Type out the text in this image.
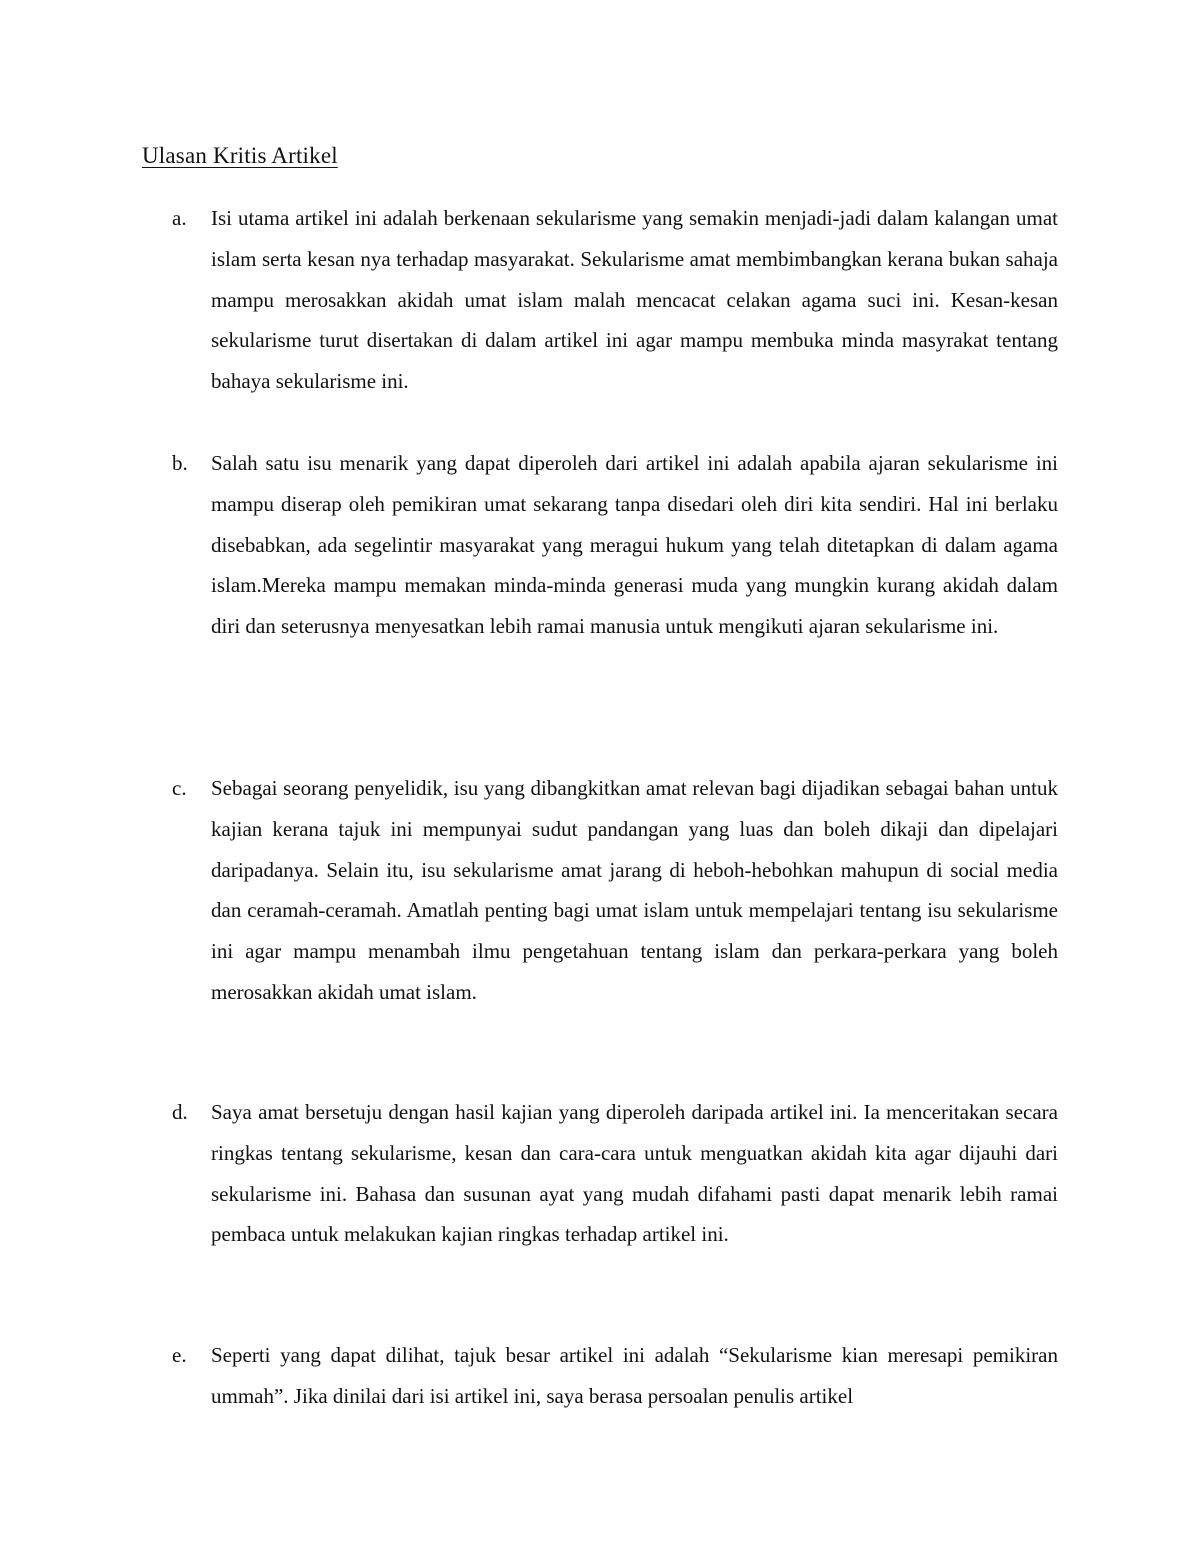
Ulasan Kritis Artikel
a.	Isi utama artikel ini adalah berkenaan sekularisme yang semakin menjadi-jadi dalam kalangan umat islam serta kesan nya terhadap masyarakat. Sekularisme amat membimbangkan kerana bukan sahaja mampu merosakkan akidah umat islam malah mencacat celakan agama suci ini. Kesan-kesan sekularisme turut disertakan di dalam artikel ini agar mampu membuka minda masyrakat tentang bahaya sekularisme ini.
b.	Salah satu isu menarik yang dapat diperoleh dari artikel ini adalah apabila ajaran sekularisme ini mampu diserap oleh pemikiran umat sekarang tanpa disedari oleh diri kita sendiri. Hal ini berlaku disebabkan, ada segelintir masyarakat yang meragui hukum yang telah ditetapkan di dalam agama islam.Mereka mampu memakan minda-minda generasi muda yang mungkin kurang akidah dalam diri dan seterusnya menyesatkan lebih ramai manusia untuk mengikuti ajaran sekularisme ini.
c.	Sebagai seorang penyelidik, isu yang dibangkitkan amat relevan bagi dijadikan sebagai bahan untuk kajian kerana tajuk ini mempunyai sudut pandangan yang luas dan boleh dikaji dan dipelajari daripadanya. Selain itu, isu sekularisme amat jarang di heboh-hebohkan mahupun di social media dan ceramah-ceramah. Amatlah penting bagi umat islam untuk mempelajari tentang isu sekularisme ini agar mampu menambah ilmu pengetahuan tentang islam dan perkara-perkara yang boleh merosakkan akidah umat islam.
d.	Saya amat bersetuju dengan hasil kajian yang diperoleh daripada artikel ini. Ia menceritakan secara ringkas tentang sekularisme, kesan dan cara-cara untuk menguatkan akidah kita agar dijauhi dari sekularisme ini. Bahasa dan susunan ayat yang mudah difahami pasti dapat menarik lebih ramai pembaca untuk melakukan kajian ringkas terhadap artikel ini.
e.	Seperti yang dapat dilihat, tajuk besar artikel ini adalah “Sekularisme kian meresapi pemikiran ummah”. Jika dinilai dari isi artikel ini, saya berasa persoalan penulis artikel
